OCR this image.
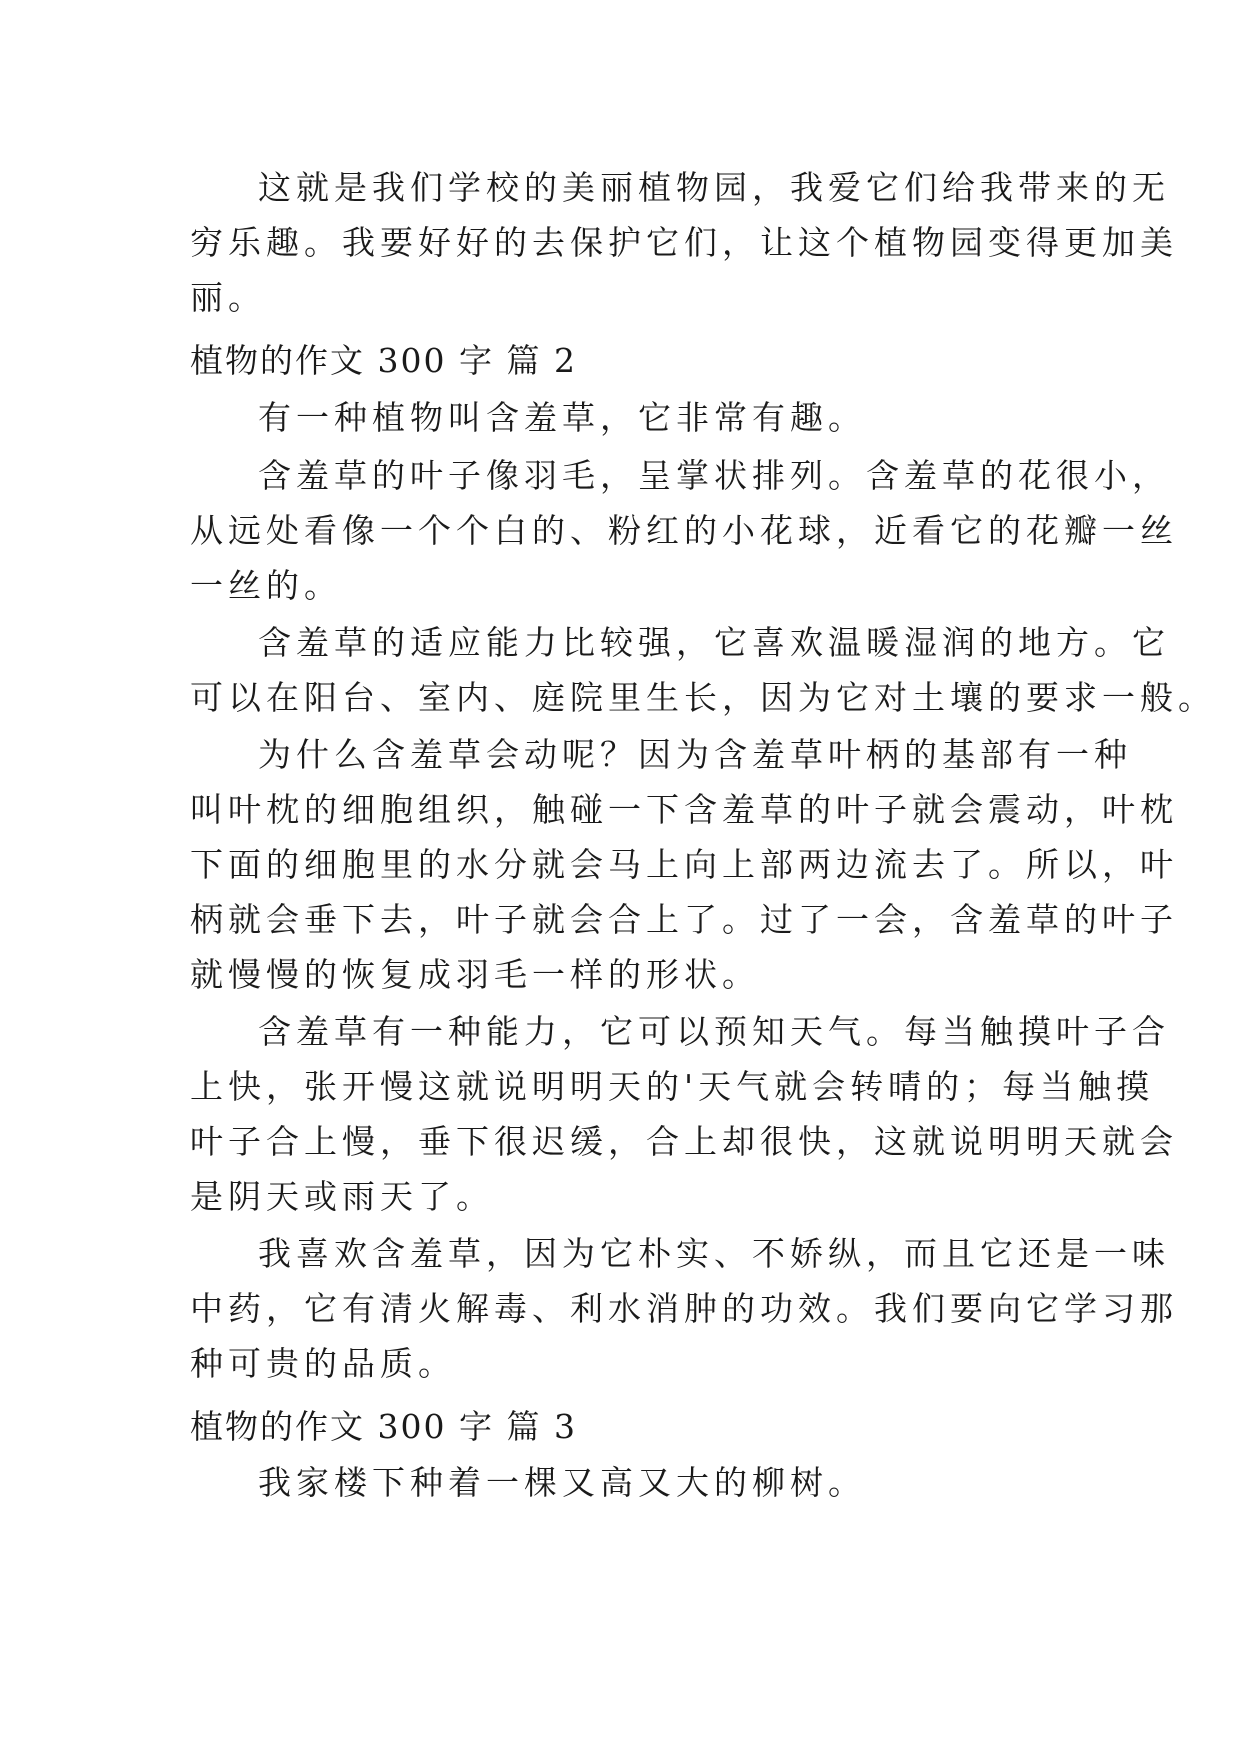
这就是我们学校的美丽植物园，我爱它们给我带来的无
穷乐趣。我要好好的去保护它们，让这个植物园变得更加美
丽。
植物的作文 300 字 篇 2
有一种植物叫含羞草，它非常有趣。
含羞草的叶子像羽毛，呈掌状排列。含羞草的花很小，
从远处看像一个个白的、粉红的小花球，近看它的花瓣一丝
一丝的。
含羞草的适应能力比较强，它喜欢温暖湿润的地方。它
可以在阳台、室内、庭院里生长，因为它对土壤的要求一般。
为什么含羞草会动呢？因为含羞草叶柄的基部有一种
叫叶枕的细胞组织，触碰一下含羞草的叶子就会震动，叶枕
下面的细胞里的水分就会马上向上部两边流去了。所以，叶
柄就会垂下去，叶子就会合上了。过了一会，含羞草的叶子
就慢慢的恢复成羽毛一样的形状。
含羞草有一种能力，它可以预知天气。每当触摸叶子合
上快，张开慢这就说明明天的'天气就会转晴的；每当触摸
叶子合上慢，垂下很迟缓，合上却很快，这就说明明天就会
是阴天或雨天了。
我喜欢含羞草，因为它朴实、不娇纵，而且它还是一味
中药，它有清火解毒、利水消肿的功效。我们要向它学习那
种可贵的品质。
植物的作文 300 字 篇 3
我家楼下种着一棵又高又大的柳树。
